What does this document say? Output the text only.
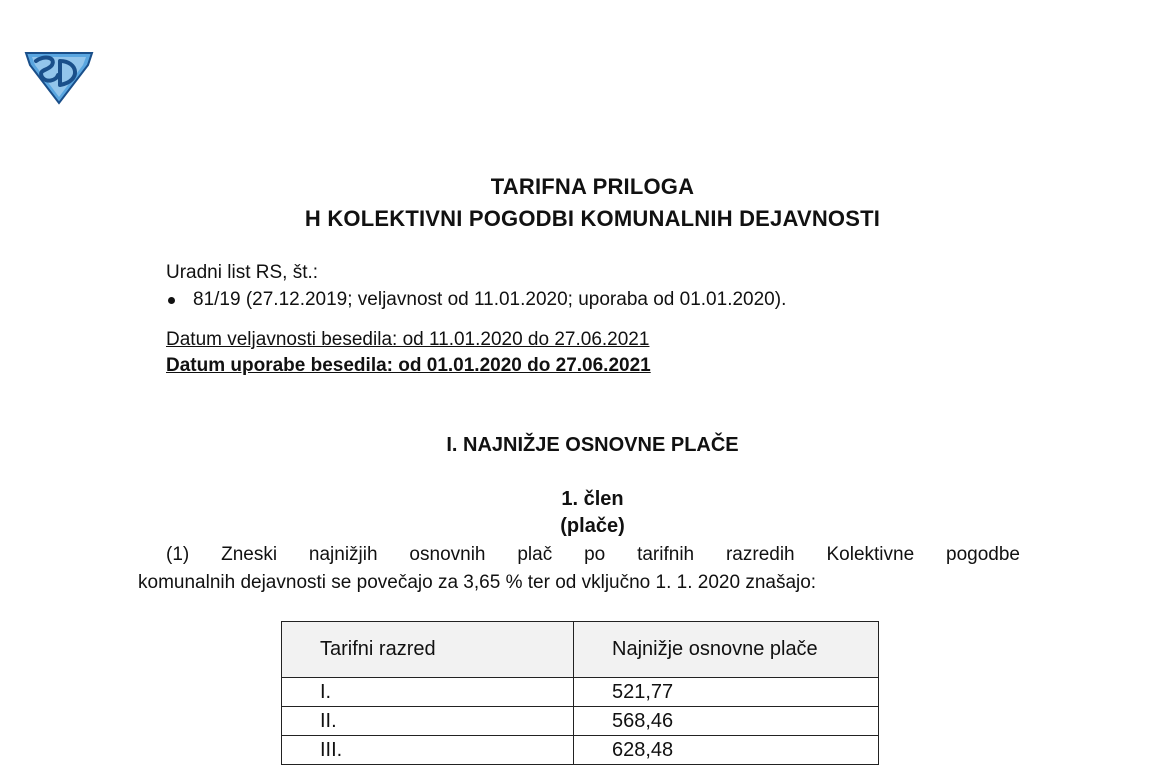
TARIFNA PRILOGA
H KOLEKTIVNI POGODBI KOMUNALNIH DEJAVNOSTI
Uradni list RS, št.:
81/19 (27.12.2019; veljavnost od 11.01.2020; uporaba od 01.01.2020).
Datum veljavnosti besedila: od 11.01.2020 do 27.06.2021
Datum uporabe besedila: od 01.01.2020 do 27.06.2021
I. NAJNIŽJE OSNOVNE PLAČE
1. člen
(plače)
(1) Zneski najnižjih osnovnih plač po tarifnih razredih Kolektivne pogodbe
komunalnih dejavnosti se povečajo za 3,65 % ter od vključno 1. 1. 2020 znašajo:
Tarifni razred	Najnižje osnovne plače
I.	521,77
II.	568,46
III.	628,48
